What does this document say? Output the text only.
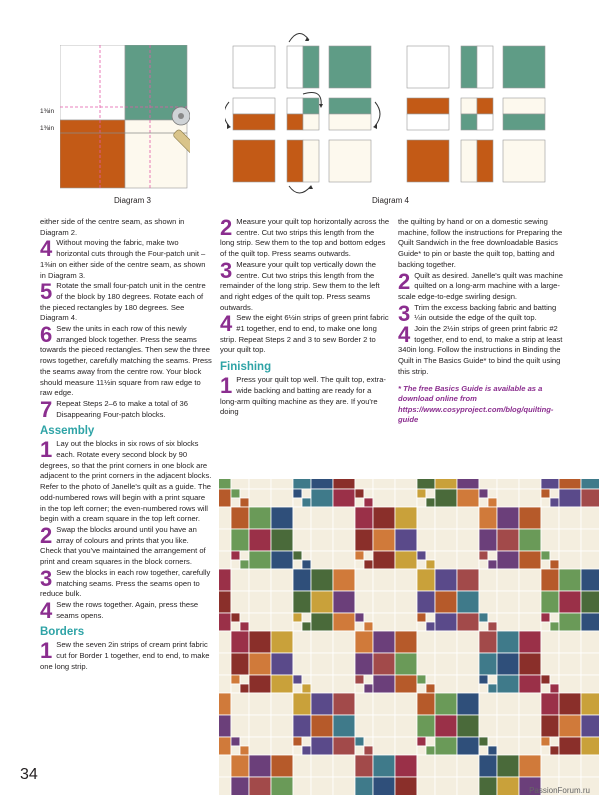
1⅜in
1⅜in
Diagram 3	Diagram 4

either side of the centre seam, as shown in Diagram 2.

4 Without moving the fabric, make two horizontal cuts through the Four-patch unit – 1⅜in on either side of the centre seam, as shown in Diagram 3.
5 Rotate the small four-patch unit in the centre of the block by 180 degrees. Rotate each of the pieced rectangles by 180 degrees. See Diagram 4.
6 Sew the units in each row of this newly arranged block together. Press the seams towards the pieced rectangles. Then sew the three rows together, carefully matching the seams. Press the seams away from the centre row. Your block should measure 11½in square from raw edge to raw edge.
7 Repeat Steps 2–6 to make a total of 36 Disappearing Four-patch blocks.
Assembly
1 Lay out the blocks in six rows of six blocks each. Rotate every second block by 90 degrees, so that the print corners in one block are adjacent to the print corners in the adjacent blocks. Refer to the photo of Janelle's quilt as a guide. The odd-numbered rows will begin with a print square in the top left corner; the even-numbered rows will begin with a cream square in the top left corner.
2 Swap the blocks around until you have an array of colours and prints that you like. Check that you've maintained the arrangement of print and cream squares in the block corners.
3 Sew the blocks in each row together, carefully matching seams. Press the seams open to reduce bulk.
4 Sew the rows together. Again, press these seams opens.
Borders
1 Sew the seven 2in strips of cream print fabric cut for Border 1 together, end to end, to make one long strip.
2 Measure your quilt top horizontally across the centre. Cut two strips this length from the long strip. Sew them to the top and bottom edges of the quilt top. Press seams outwards.
3 Measure your quilt top vertically down the centre. Cut two strips this length from the remainder of the long strip. Sew them to the left and right edges of the quilt top. Press seams outwards.
4 Sew the eight 6½in strips of green print fabric #1 together, end to end, to make one long strip. Repeat Steps 2 and 3 to sew Border 2 to your quilt top.
Finishing
1 Press your quilt top well. The quilt top, extra-wide backing and batting are ready for a long-arm quilting machine as they are. If you're doing

the quilting by hand or on a domestic sewing machine, follow the instructions for Preparing the Quilt Sandwich in the free downloadable Basics Guide* to pin or baste the quilt top, batting and backing together.

2 Quilt as desired. Janelle's quilt was machine quilted on a long-arm machine with a large-scale edge-to-edge swirling design.
3 Trim the excess backing fabric and batting ¼in outside the edge of the quilt top.
4 Join the 2½in strips of green print fabric #2 together, end to end, to make a strip at least 340in long. Follow the instructions in Binding the Quilt in The Basics Guide* to bind the quilt using this strip.
* The free Basics Guide is available as a download online from https://www.cosyproject.com/blog/quilting-guide
34
PassionForum.ru
